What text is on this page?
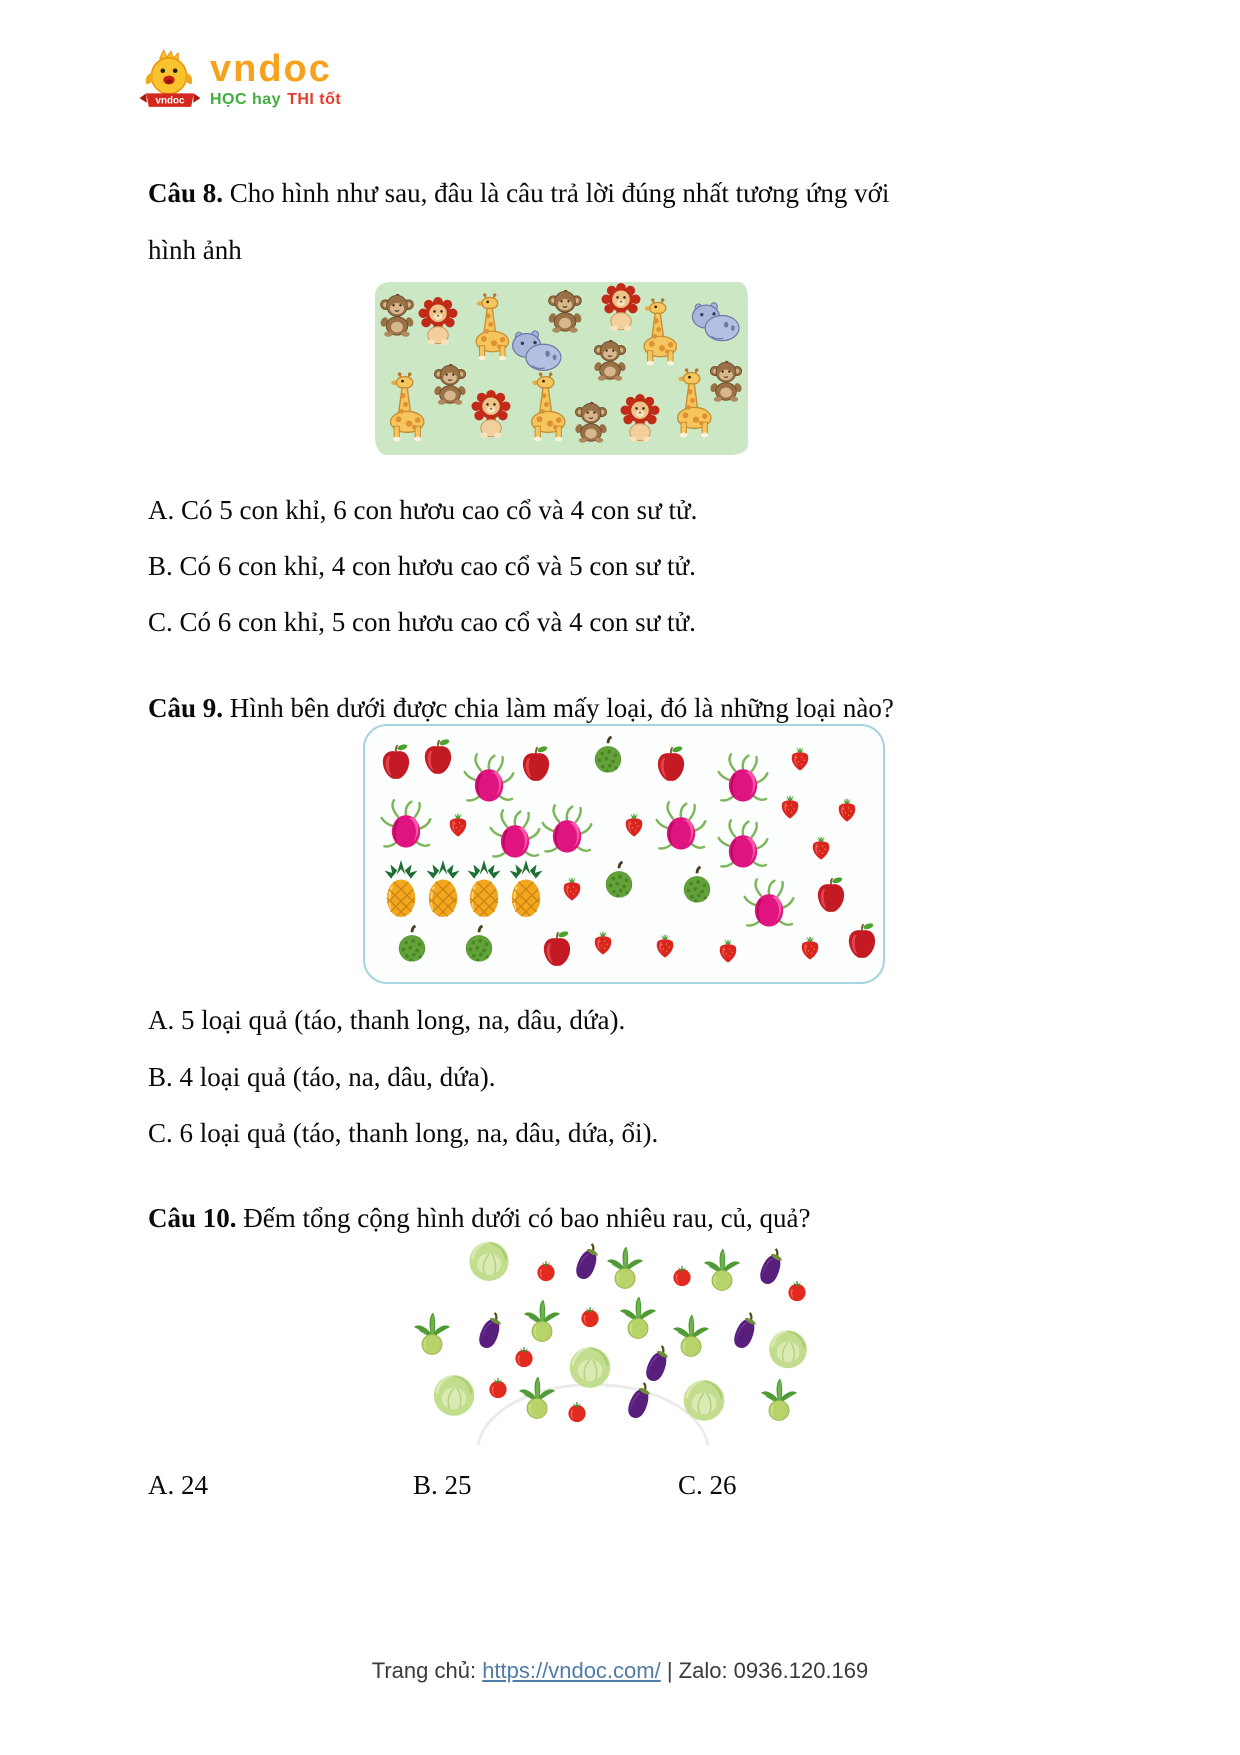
vndoc
vndoc
HỌC hay THI tốt

Câu 8. Cho hình như sau, đâu là câu trả lời đúng nhất tương ứng với hình ảnh

A. Có 5 con khỉ, 6 con hươu cao cổ và 4 con sư tử.
B. Có 6 con khỉ, 4 con hươu cao cổ và 5 con sư tử.
C. Có 6 con khỉ, 5 con hươu cao cổ và 4 con sư tử.

Câu 9. Hình bên dưới được chia làm mấy loại, đó là những loại nào?

A. 5 loại quả (táo, thanh long, na, dâu, dứa).
B. 4 loại quả (táo, na, dâu, dứa).
C. 6 loại quả (táo, thanh long, na, dâu, dứa, ổi).

Câu 10. Đếm tổng cộng hình dưới có bao nhiêu rau, củ, quả?

A. 24	B. 25	C. 26
Trang chủ: https://vndoc.com/ | Zalo: 0936.120.169
